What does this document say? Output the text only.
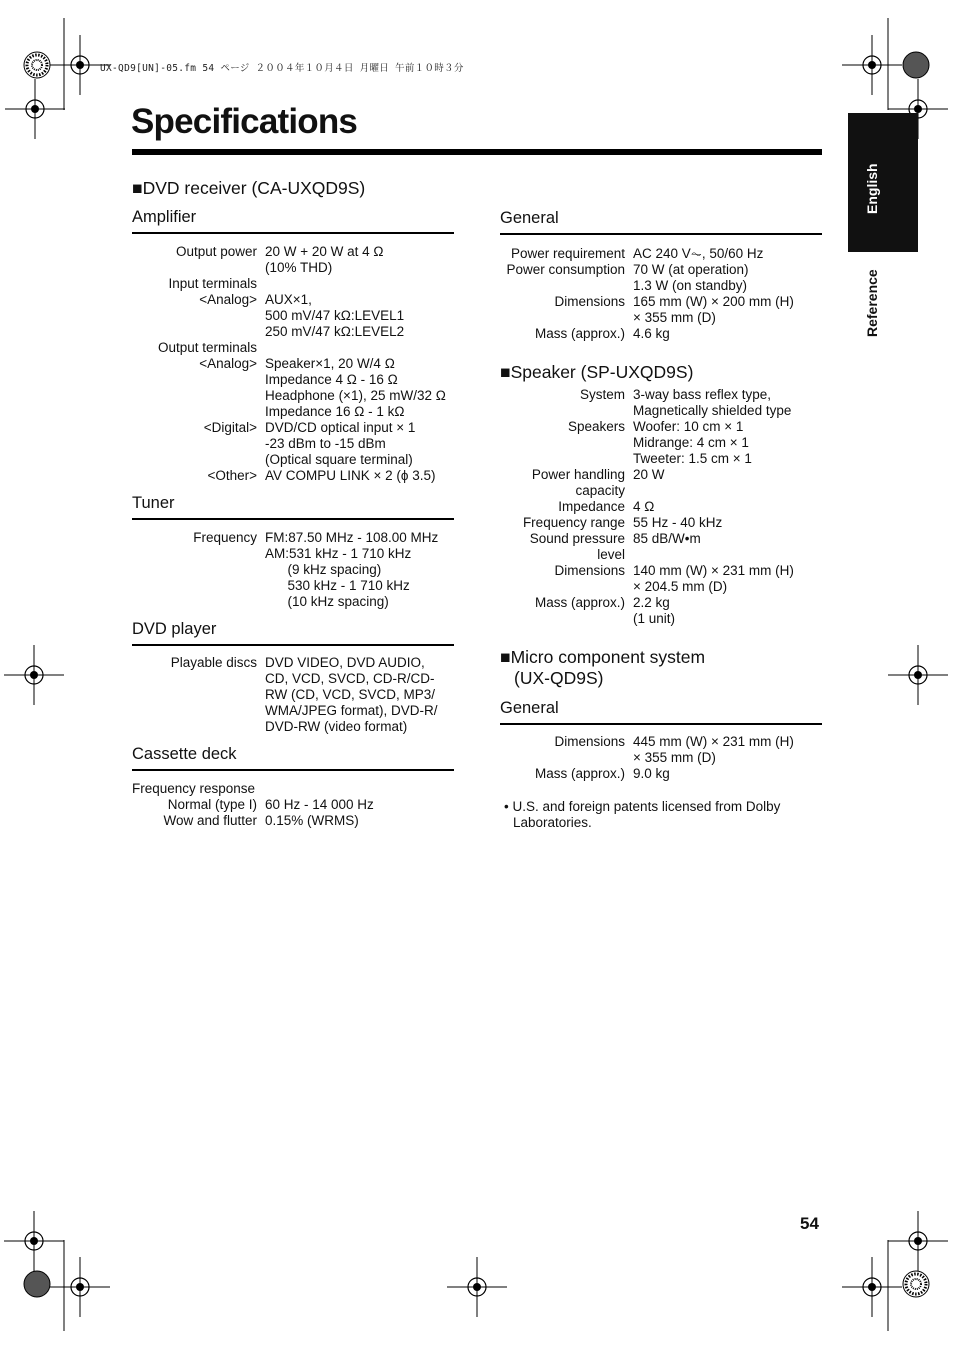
UX-QD9[UN]-05.fm 54 ページ ２００４年１０月４日 月曜日 午前１０時３分
Specifications
English
Reference
■DVD receiver (CA-UXQD9S)
Amplifier
Output power 20 W + 20 W at 4 Ω
(10% THD)
Input terminals
<Analog> AUX×1,
500 mV/47 kΩ:LEVEL1
250 mV/47 kΩ:LEVEL2
Output terminals
<Analog> Speaker×1, 20 W/4 Ω
Impedance 4 Ω - 16 Ω
Headphone (×1), 25 mW/32 Ω
Impedance 16 Ω - 1 kΩ
<Digital> DVD/CD optical input × 1
-23 dBm to -15 dBm
(Optical square terminal)
<Other> AV COMPU LINK × 2 (ϕ 3.5)
Tuner
Frequency FM:87.50 MHz - 108.00 MHz
AM:531 kHz - 1 710 kHz
(9 kHz spacing)
530 kHz - 1 710 kHz
(10 kHz spacing)
DVD player
Playable discs DVD VIDEO, DVD AUDIO,
CD, VCD, SVCD, CD-R/CD-
RW (CD, VCD, SVCD, MP3/
WMA/JPEG format), DVD-R/
DVD-RW (video format)
Cassette deck
Frequency response
Normal (type I) 60 Hz - 14 000 Hz
Wow and flutter 0.15% (WRMS)
General
Power requirement AC 240 V⏦, 50/60 Hz
Power consumption 70 W (at operation)
1.3 W (on standby)
Dimensions 165 mm (W) × 200 mm (H)
× 355 mm (D)
Mass (approx.) 4.6 kg
■Speaker (SP-UXQD9S)
System 3-way bass reflex type,
Magnetically shielded type
Speakers Woofer: 10 cm × 1
Midrange: 4 cm × 1
Tweeter: 1.5 cm × 1
Power handling 20 W
capacity
Impedance 4 Ω
Frequency range 55 Hz - 40 kHz
Sound pressure 85 dB/W•m
level
Dimensions 140 mm (W) × 231 mm (H)
× 204.5 mm (D)
Mass (approx.) 2.2 kg
(1 unit)
■Micro component system
(UX-QD9S)
General
Dimensions 445 mm (W) × 231 mm (H)
× 355 mm (D)
Mass (approx.) 9.0 kg
• U.S. and foreign patents licensed from Dolby
Laboratories.
54
